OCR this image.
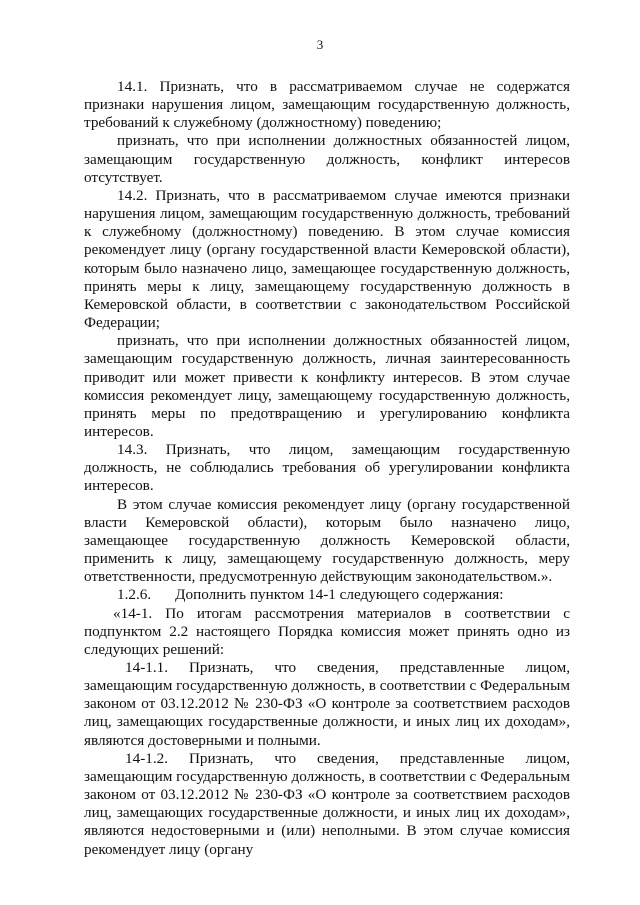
3

14.1. Признать, что в рассматриваемом случае не содержатся признаки нарушения лицом, замещающим государственную должность, требований к служебному (должностному) поведению;

признать, что при исполнении должностных обязанностей лицом, замещающим государственную должность, конфликт интересов отсутствует.

14.2. Признать, что в рассматриваемом случае имеются признаки нарушения лицом, замещающим государственную должность, требований к служебному (должностному) поведению. В этом случае комиссия рекомендует лицу (органу государственной власти Кемеровской области), которым было назначено лицо, замещающее государственную должность, принять меры к лицу, замещающему государственную должность в Кемеровской области, в соответствии с законодательством Российской Федерации;

признать, что при исполнении должностных обязанностей лицом, замещающим государственную должность, личная заинтересованность приводит или может привести к конфликту интересов. В этом случае комиссия рекомендует лицу, замещающему государственную должность, принять меры по предотвращению и урегулированию конфликта интересов.

14.3. Признать, что лицом, замещающим государственную должность, не соблюдались требования об урегулировании конфликта интересов.

В этом случае комиссия рекомендует лицу (органу государственной власти Кемеровской области), которым было назначено лицо, замещающее государственную должность Кемеровской области, применить к лицу, замещающему государственную должность, меру ответственности, предусмотренную действующим законодательством.».

1.2.6. Дополнить пунктом 14-1 следующего содержания:

«14-1. По итогам рассмотрения материалов в соответствии с подпунктом 2.2 настоящего Порядка комиссия может принять одно из следующих решений:

14-1.1. Признать, что сведения, представленные лицом, замещающим государственную должность, в соответствии с Федеральным законом от 03.12.2012 № 230-ФЗ «О контроле за соответствием расходов лиц, замещающих государственные должности, и иных лиц их доходам», являются достоверными и полными.

14-1.2. Признать, что сведения, представленные лицом, замещающим государственную должность, в соответствии с Федеральным законом от 03.12.2012 № 230-ФЗ «О контроле за соответствием расходов лиц, замещающих государственные должности, и иных лиц их доходам», являются недостоверными и (или) неполными. В этом случае комиссия рекомендует лицу (органу
